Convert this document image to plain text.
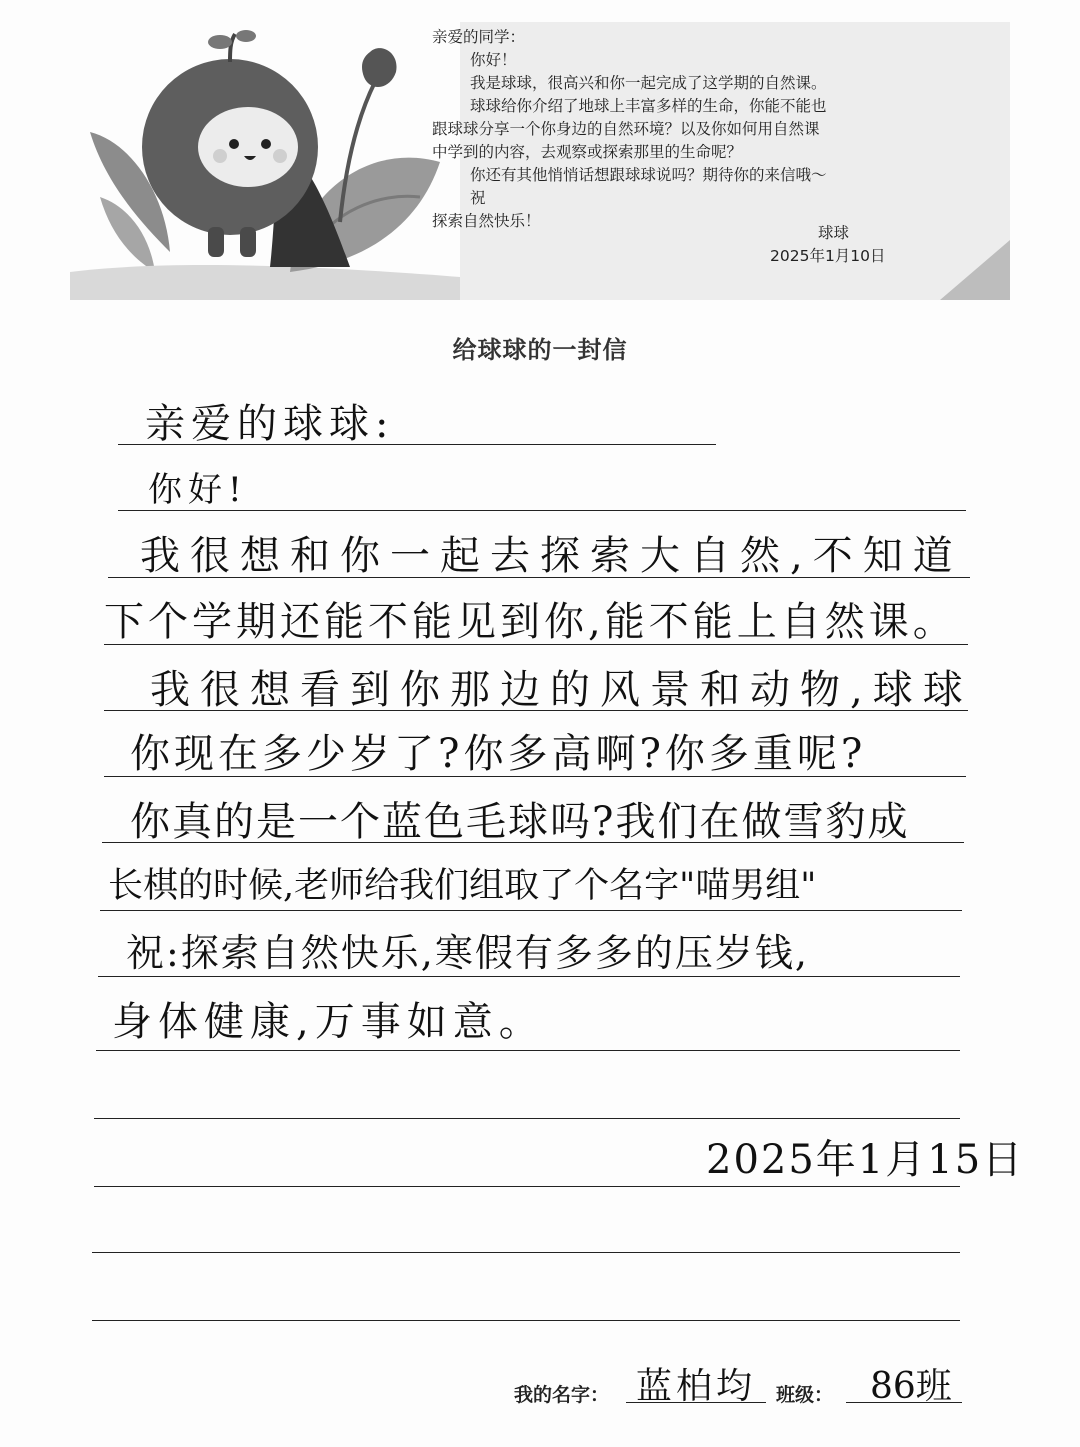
亲爱的同学：
你好！
我是球球，很高兴和你一起完成了这学期的自然课。
球球给你介绍了地球上丰富多样的生命，你能不能也
跟球球分享一个你身边的自然环境？以及你如何用自然课
中学到的内容，去观察或探索那里的生命呢？
你还有其他悄悄话想跟球球说吗？期待你的来信哦～
祝
探索自然快乐！
球球
2025年1月10日
给球球的一封信
亲爱的球球:
你好!
我很想和你一起去探索大自然,不知道
下个学期还能不能见到你,能不能上自然课。
我很想看到你那边的风景和动物,球球
你现在多少岁了?你多高啊?你多重呢?
你真的是一个蓝色毛球吗?我们在做雪豹成
长棋的时候,老师给我们组取了个名字"喵男组"
祝:探索自然快乐,寒假有多多的压岁钱,
身体健康,万事如意。
2025年1月15日
我的名字： 蓝柏均 班级： 86班
